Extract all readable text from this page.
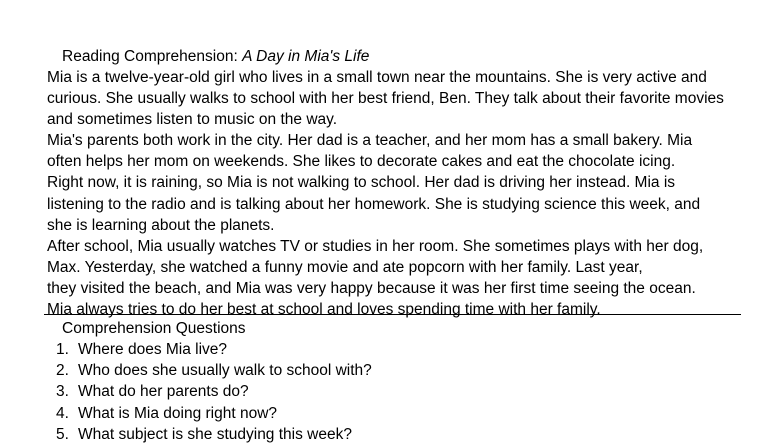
Reading Comprehension: A Day in Mia's Life
Mia is a twelve-year-old girl who lives in a small town near the mountains. She is very active and
curious. She usually walks to school with her best friend, Ben. They talk about their favorite movies
and sometimes listen to music on the way.
Mia's parents both work in the city. Her dad is a teacher, and her mom has a small bakery. Mia
often helps her mom on weekends. She likes to decorate cakes and eat the chocolate icing.
Right now, it is raining, so Mia is not walking to school. Her dad is driving her instead. Mia is
listening to the radio and is talking about her homework. She is studying science this week, and
she is learning about the planets.
After school, Mia usually watches TV or studies in her room. She sometimes plays with her dog,
Max. Yesterday, she watched a funny movie and ate popcorn with her family. Last year,
they visited the beach, and Mia was very happy because it was her first time seeing the ocean.
Mia always tries to do her best at school and loves spending time with her family.
Comprehension Questions
1. Where does Mia live?
2. Who does she usually walk to school with?
3. What do her parents do?
4. What is Mia doing right now?
5. What subject is she studying this week?
